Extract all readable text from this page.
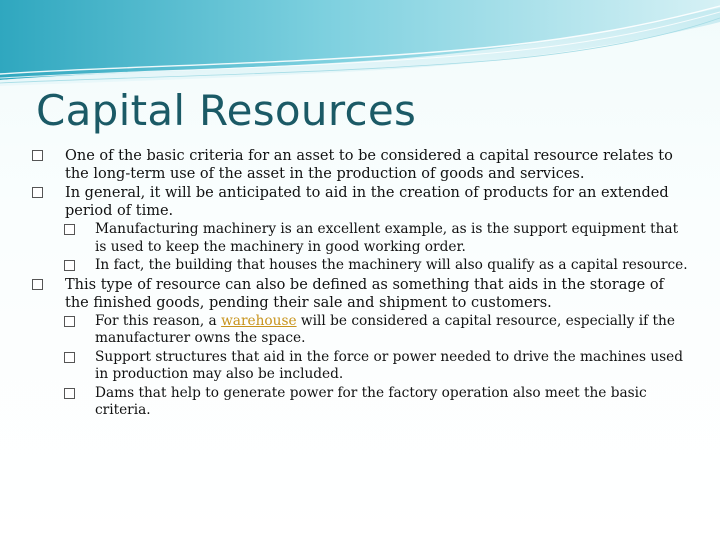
Capital Resources

One of the basic criteria for an asset to be considered a capital resource relates to the long-term use of the asset in the production of goods and services.

In general, it will be anticipated to aid in the creation of products for an extended period of time.

Manufacturing machinery is an excellent example, as is the support equipment that is used to keep the machinery in good working order.

In fact, the building that houses the machinery will also qualify as a capital resource.

This type of resource can also be defined as something that aids in the storage of the finished goods, pending their sale and shipment to customers.

For this reason, a warehouse will be considered a capital resource, especially if the manufacturer owns the space.

Support structures that aid in the force or power needed to drive the machines used in production may also be included.

Dams that help to generate power for the factory operation also meet the basic criteria.
